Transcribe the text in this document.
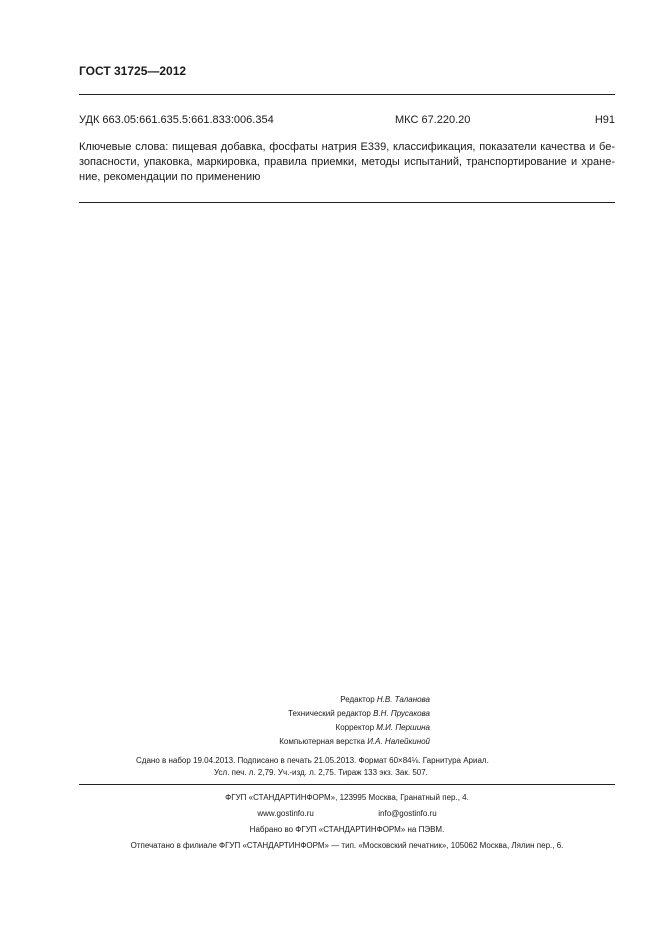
ГОСТ 31725—2012
УДК 663.05:661.635.5:661.833:006.354	МКС 67.220.20	Н91
Ключевые слова: пищевая добавка, фосфаты натрия Е339, классификация, показатели качества и бе-
зопасности, упаковка, маркировка, правила приемки, методы испытаний, транспортирование и хране-
ние, рекомендации по применению
Редактор Н.В. Таланова
Технический редактор В.Н. Прусакова
Корректор М.И. Першина
Компьютерная верстка И.А. Налейкиной
Сдано в набор 19.04.2013. Подписано в печать 21.05.2013. Формат 60×84⅛. Гарнитура Ариал.
Усл. печ. л. 2,79. Уч.-изд. л. 2,75. Тираж 133 экз. Зак. 507.
ФГУП «СТАНДАРТИНФОРМ», 123995 Москва, Гранатный пер., 4.
www.gostinfo.ru	info@gostinfo.ru
Набрано во ФГУП «СТАНДАРТИНФОРМ» на ПЭВМ.
Отпечатано в филиале ФГУП «СТАНДАРТИНФОРМ» — тип. «Московский печатник», 105062 Москва, Лялин пер., 6.
